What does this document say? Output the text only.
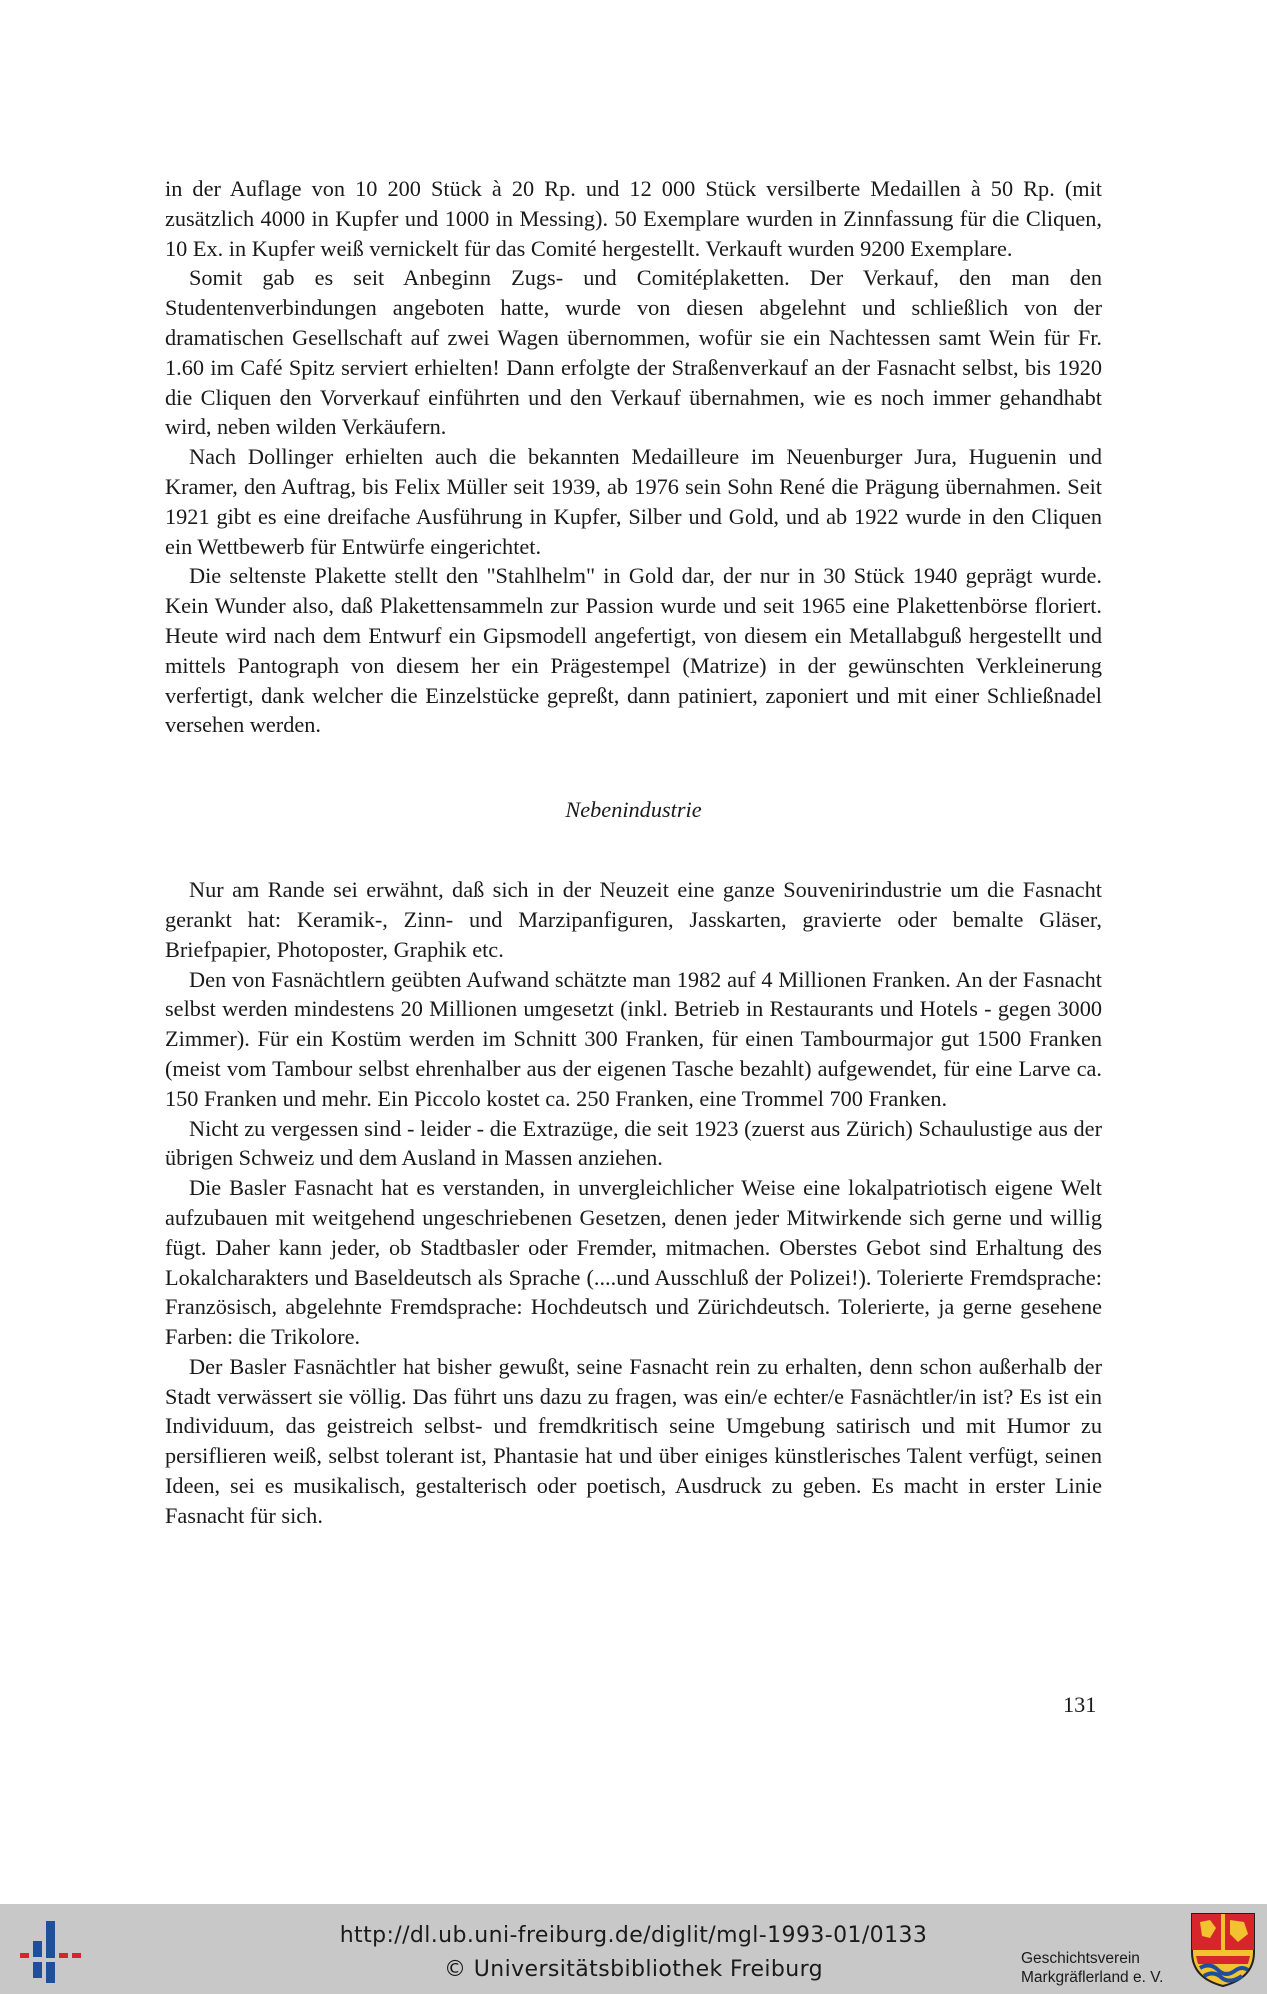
in der Auflage von 10 200 Stück à 20 Rp. und 12 000 Stück versilberte Medaillen à 50 Rp. (mit zusätzlich 4000 in Kupfer und 1000 in Messing). 50 Exemplare wurden in Zinnfassung für die Cliquen, 10 Ex. in Kupfer weiß vernickelt für das Comité hergestellt. Verkauft wurden 9200 Exemplare.

Somit gab es seit Anbeginn Zugs- und Comitéplaketten. Der Verkauf, den man den Studentenverbindungen angeboten hatte, wurde von diesen abgelehnt und schließlich von der dramatischen Gesellschaft auf zwei Wagen übernommen, wofür sie ein Nachtessen samt Wein für Fr. 1.60 im Café Spitz serviert erhielten! Dann erfolgte der Straßenverkauf an der Fasnacht selbst, bis 1920 die Cliquen den Vorverkauf einführten und den Verkauf übernahmen, wie es noch immer gehandhabt wird, neben wilden Verkäufern.

Nach Dollinger erhielten auch die bekannten Medailleure im Neuenburger Jura, Huguenin und Kramer, den Auftrag, bis Felix Müller seit 1939, ab 1976 sein Sohn René die Prägung übernahmen. Seit 1921 gibt es eine dreifache Ausführung in Kupfer, Silber und Gold, und ab 1922 wurde in den Cliquen ein Wettbewerb für Entwürfe eingerichtet.

Die seltenste Plakette stellt den "Stahlhelm" in Gold dar, der nur in 30 Stück 1940 geprägt wurde. Kein Wunder also, daß Plakettensammeln zur Passion wurde und seit 1965 eine Plakettenbörse floriert. Heute wird nach dem Entwurf ein Gipsmodell angefertigt, von diesem ein Metallabguß hergestellt und mittels Pantograph von diesem her ein Prägestempel (Matrize) in der gewünschten Verkleinerung verfertigt, dank welcher die Einzelstücke gepreßt, dann patiniert, zaponiert und mit einer Schließnadel versehen werden.

Nebenindustrie

Nur am Rande sei erwähnt, daß sich in der Neuzeit eine ganze Souvenirindustrie um die Fasnacht gerankt hat: Keramik-, Zinn- und Marzipanfiguren, Jasskarten, gravierte oder bemalte Gläser, Briefpapier, Photoposter, Graphik etc.

Den von Fasnächtlern geübten Aufwand schätzte man 1982 auf 4 Millionen Franken. An der Fasnacht selbst werden mindestens 20 Millionen umgesetzt (inkl. Betrieb in Restaurants und Hotels - gegen 3000 Zimmer). Für ein Kostüm werden im Schnitt 300 Franken, für einen Tambourmajor gut 1500 Franken (meist vom Tambour selbst ehrenhalber aus der eigenen Tasche bezahlt) aufgewendet, für eine Larve ca. 150 Franken und mehr. Ein Piccolo kostet ca. 250 Franken, eine Trommel 700 Franken.

Nicht zu vergessen sind - leider - die Extrazüge, die seit 1923 (zuerst aus Zürich) Schaulustige aus der übrigen Schweiz und dem Ausland in Massen anziehen.

Die Basler Fasnacht hat es verstanden, in unvergleichlicher Weise eine lokalpatriotisch eigene Welt aufzubauen mit weitgehend ungeschriebenen Gesetzen, denen jeder Mitwirkende sich gerne und willig fügt. Daher kann jeder, ob Stadtbasler oder Fremder, mitmachen. Oberstes Gebot sind Erhaltung des Lokalcharakters und Baseldeutsch als Sprache (....und Ausschluß der Polizei!). Tolerierte Fremdsprache: Französisch, abgelehnte Fremdsprache: Hochdeutsch und Zürichdeutsch. Tolerierte, ja gerne gesehene Farben: die Trikolore.

Der Basler Fasnächtler hat bisher gewußt, seine Fasnacht rein zu erhalten, denn schon außerhalb der Stadt verwässert sie völlig. Das führt uns dazu zu fragen, was ein/e echter/e Fasnächtler/in ist? Es ist ein Individuum, das geistreich selbst- und fremdkritisch seine Umgebung satirisch und mit Humor zu persiflieren weiß, selbst tolerant ist, Phantasie hat und über einiges künstlerisches Talent verfügt, seinen Ideen, sei es musikalisch, gestalterisch oder poetisch, Ausdruck zu geben. Es macht in erster Linie Fasnacht für sich.

131
http://dl.ub.uni-freiburg.de/diglit/mgl-1993-01/0133
© Universitätsbibliothek Freiburg	Geschichtsverein
Markgräflerland e. V.
